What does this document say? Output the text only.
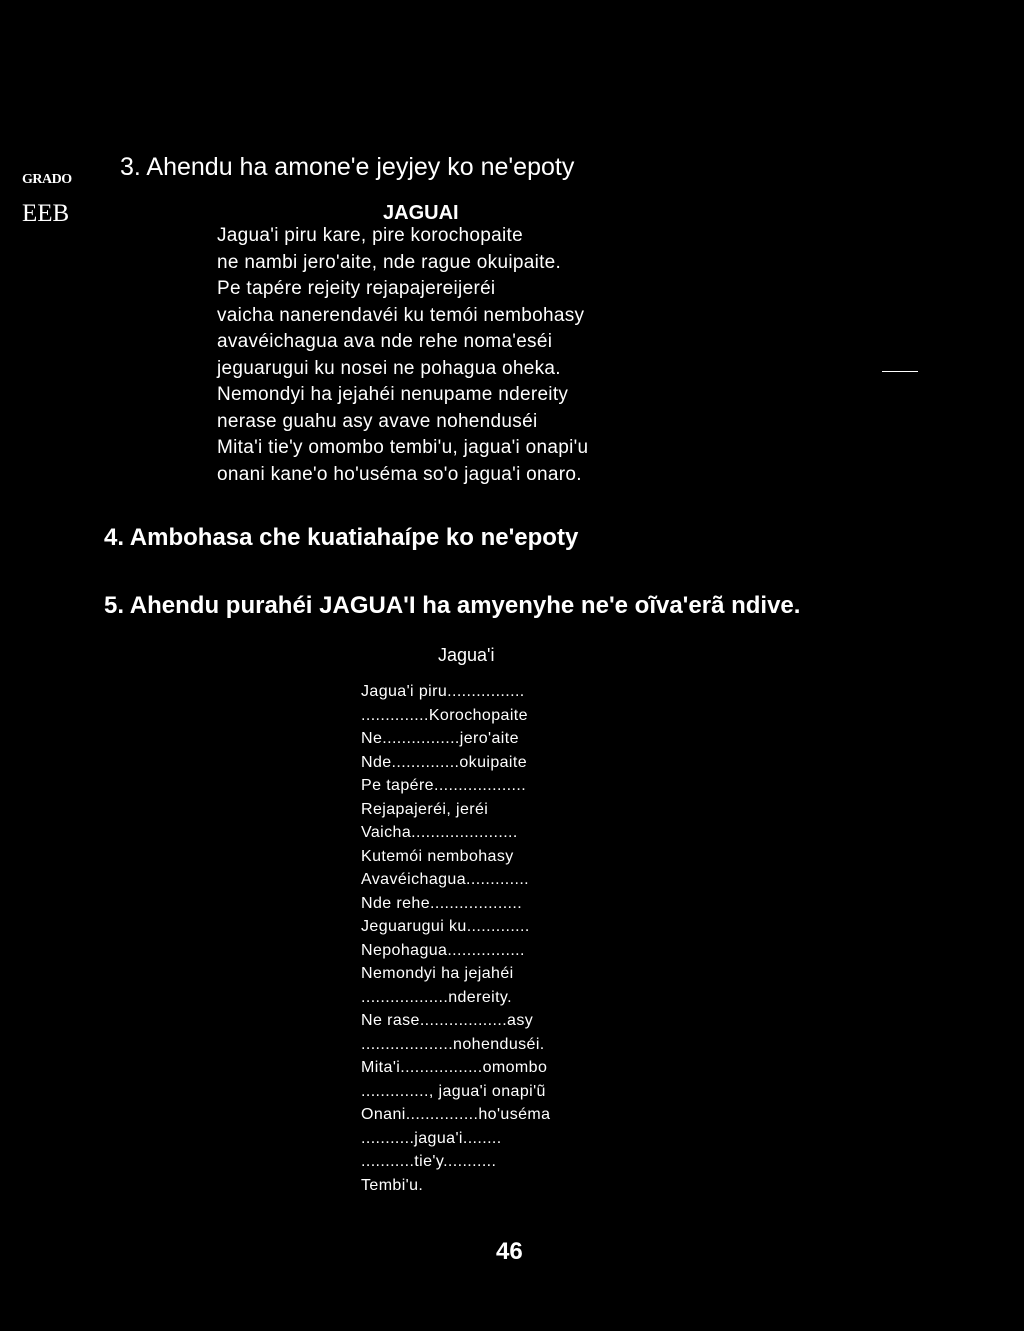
GRADO
EEB
3. Ahendu ha amone'e jeyjey ko ne'epoty
JAGUAI
Jagua'i piru kare, pire korochopaite
ne nambi jero'aite, nde rague okuipaite.
Pe tapére rejeity rejapajereijeréi
vaicha nanerendavéi ku temói nembohasy
avavéichagua ava nde rehe noma'eséi
jeguarugui ku nosei ne pohagua oheka.
Nemondyi ha jejahéi nenupame ndereity
nerase guahu asy avave nohenduséi
Mita'i tie'y omombo tembi'u, jagua'i onapi'u
onani kane'o ho'uséma so'o jagua'i onaro.
4. Ambohasa che kuatiahaípe ko ne'epoty
5. Ahendu purahéi JAGUA'I ha amyenyhe ne'e oĩva'erã ndive.
Jagua'i
Jagua'i piru................
..............Korochopaite
Ne................jero'aite
Nde..............okuipaite
Pe tapére...................
Rejapajeréi, jeréi
Vaicha......................
Kutemói nembohasy
Avavéichagua.............
Nde rehe...................
Jeguarugui ku.............
Nepohagua................
Nemondyi ha jejahéi
..................ndereity.
Ne rase..................asy
...................nohenduséi.
Mita'i.................omombo
.............., jagua'i onapi'ũ
Onani...............ho'uséma
...........jagua'i........
...........tie'y...........
Tembi'u.
46
